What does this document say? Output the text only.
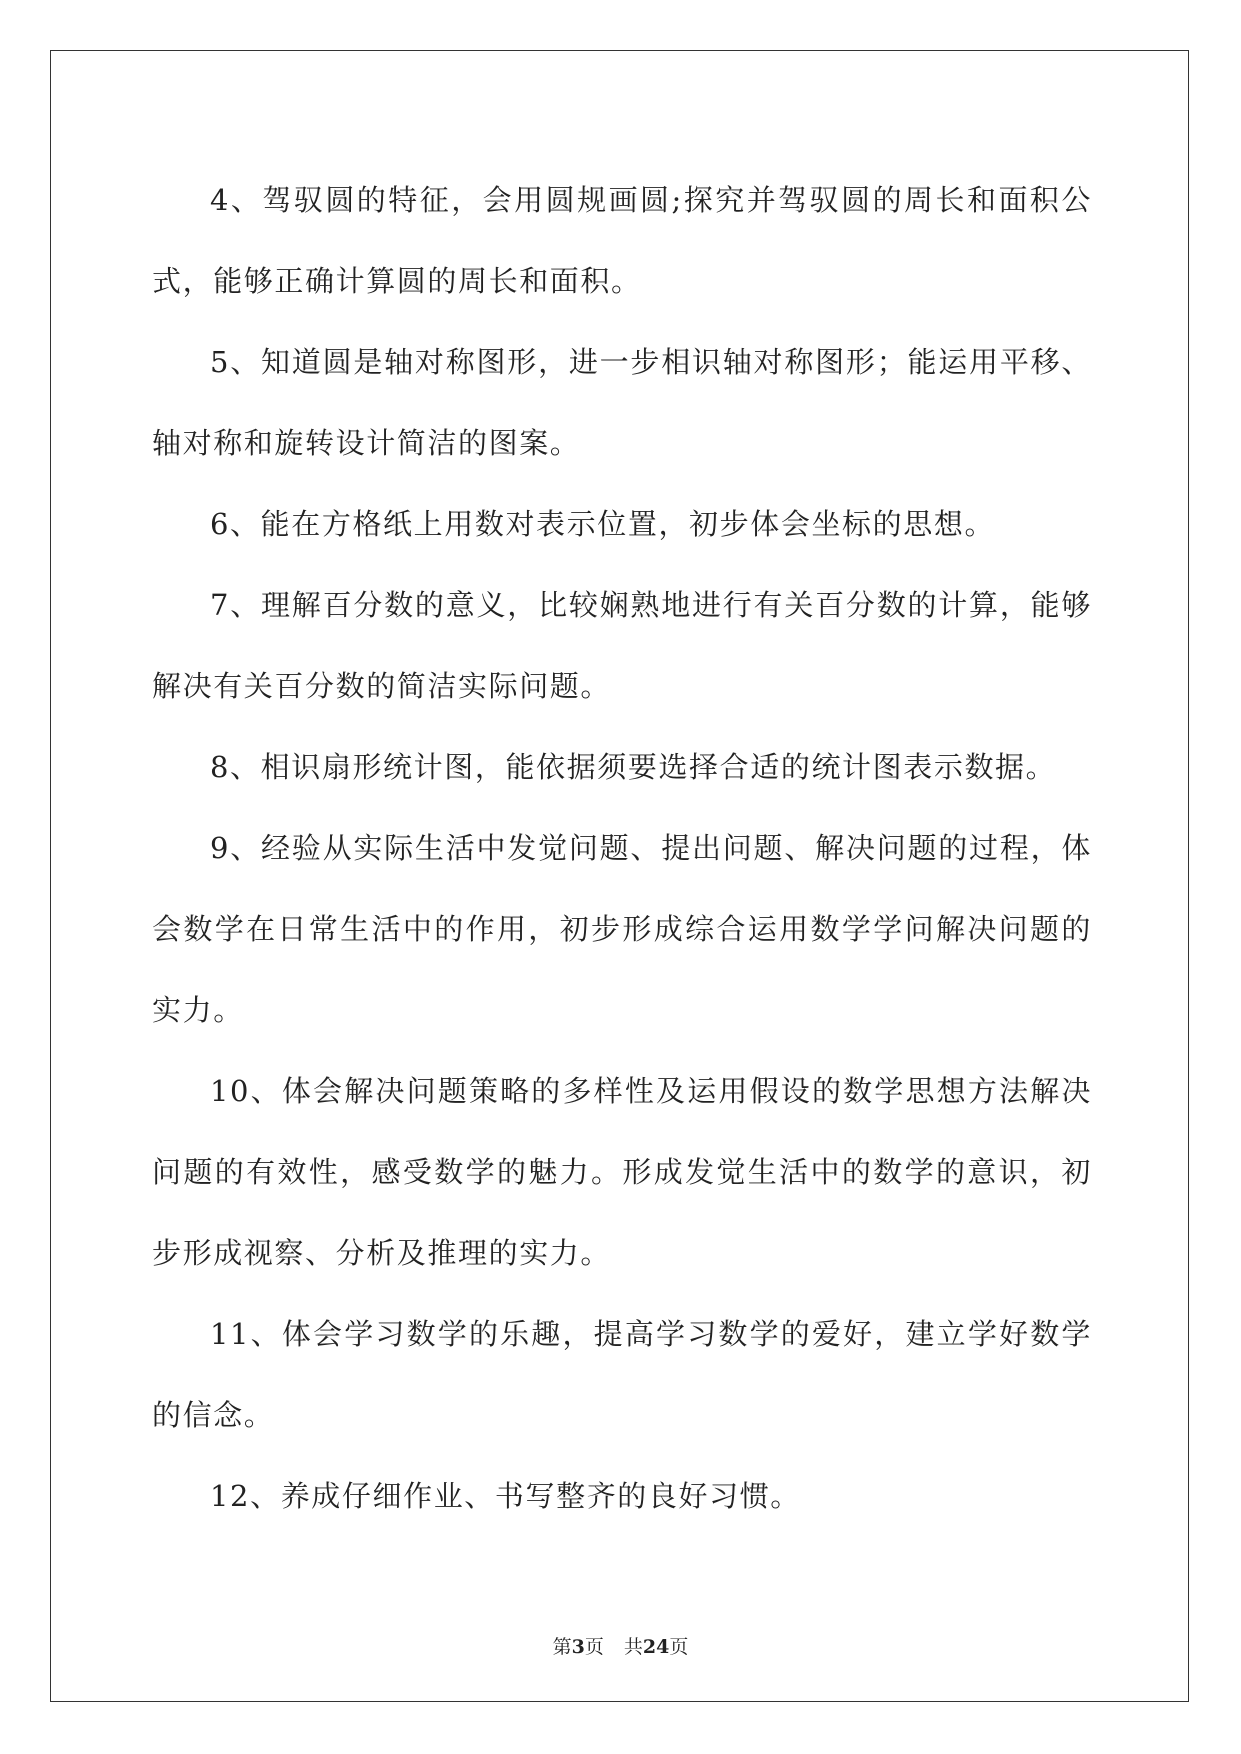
4、驾驭圆的特征，会用圆规画圆;探究并驾驭圆的周长和面积公式，能够正确计算圆的周长和面积。

5、知道圆是轴对称图形，进一步相识轴对称图形；能运用平移、轴对称和旋转设计简洁的图案。

6、能在方格纸上用数对表示位置，初步体会坐标的思想。

7、理解百分数的意义，比较娴熟地进行有关百分数的计算，能够解决有关百分数的简洁实际问题。

8、相识扇形统计图，能依据须要选择合适的统计图表示数据。

9、经验从实际生活中发觉问题、提出问题、解决问题的过程，体会数学在日常生活中的作用，初步形成综合运用数学学问解决问题的实力。

10、体会解决问题策略的多样性及运用假设的数学思想方法解决问题的有效性，感受数学的魅力。形成发觉生活中的数学的意识，初步形成视察、分析及推理的实力。

11、体会学习数学的乐趣，提高学习数学的爱好，建立学好数学的信念。

12、养成仔细作业、书写整齐的良好习惯。

第3页 共24页
